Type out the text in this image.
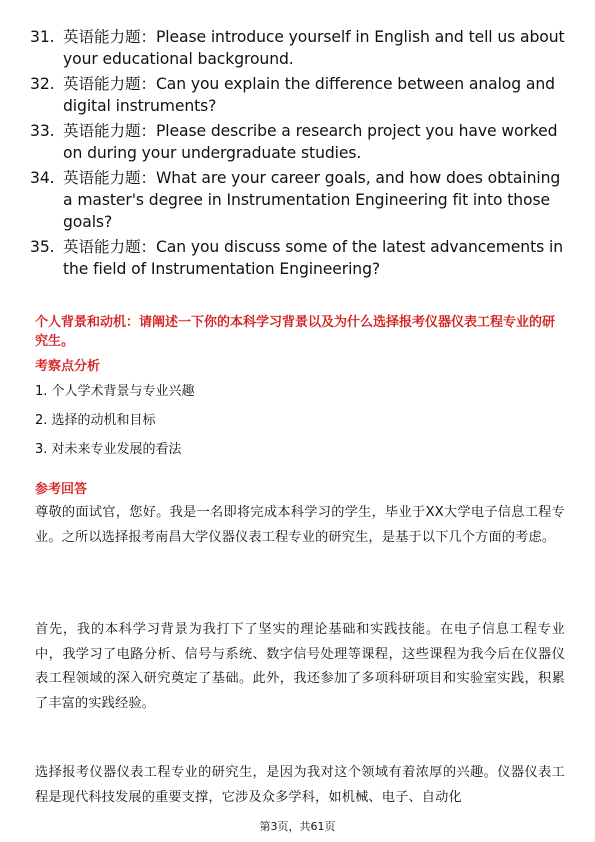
31. 英语能力题：Please introduce yourself in English and tell us about your educational background.
32. 英语能力题：Can you explain the difference between analog and digital instruments?
33. 英语能力题：Please describe a research project you have worked on during your undergraduate studies.
34. 英语能力题：What are your career goals, and how does obtaining a master's degree in Instrumentation Engineering fit into those goals?
35. 英语能力题：Can you discuss some of the latest advancements in the field of Instrumentation Engineering?
个人背景和动机：请阐述一下你的本科学习背景以及为什么选择报考仪器仪表工程专业的研究生。
考察点分析
1. 个人学术背景与专业兴趣
2. 选择的动机和目标
3. 对未来专业发展的看法
参考回答
尊敬的面试官，您好。我是一名即将完成本科学习的学生，毕业于XX大学电子信息工程专业。之所以选择报考南昌大学仪器仪表工程专业的研究生，是基于以下几个方面的考虑。
首先，我的本科学习背景为我打下了坚实的理论基础和实践技能。在电子信息工程专业中，我学习了电路分析、信号与系统、数字信号处理等课程，这些课程为我今后在仪器仪表工程领域的深入研究奠定了基础。此外，我还参加了多项科研项目和实验室实践，积累了丰富的实践经验。
选择报考仪器仪表工程专业的研究生，是因为我对这个领域有着浓厚的兴趣。仪器仪表工程是现代科技发展的重要支撑，它涉及众多学科，如机械、电子、自动化
第3页，共61页
